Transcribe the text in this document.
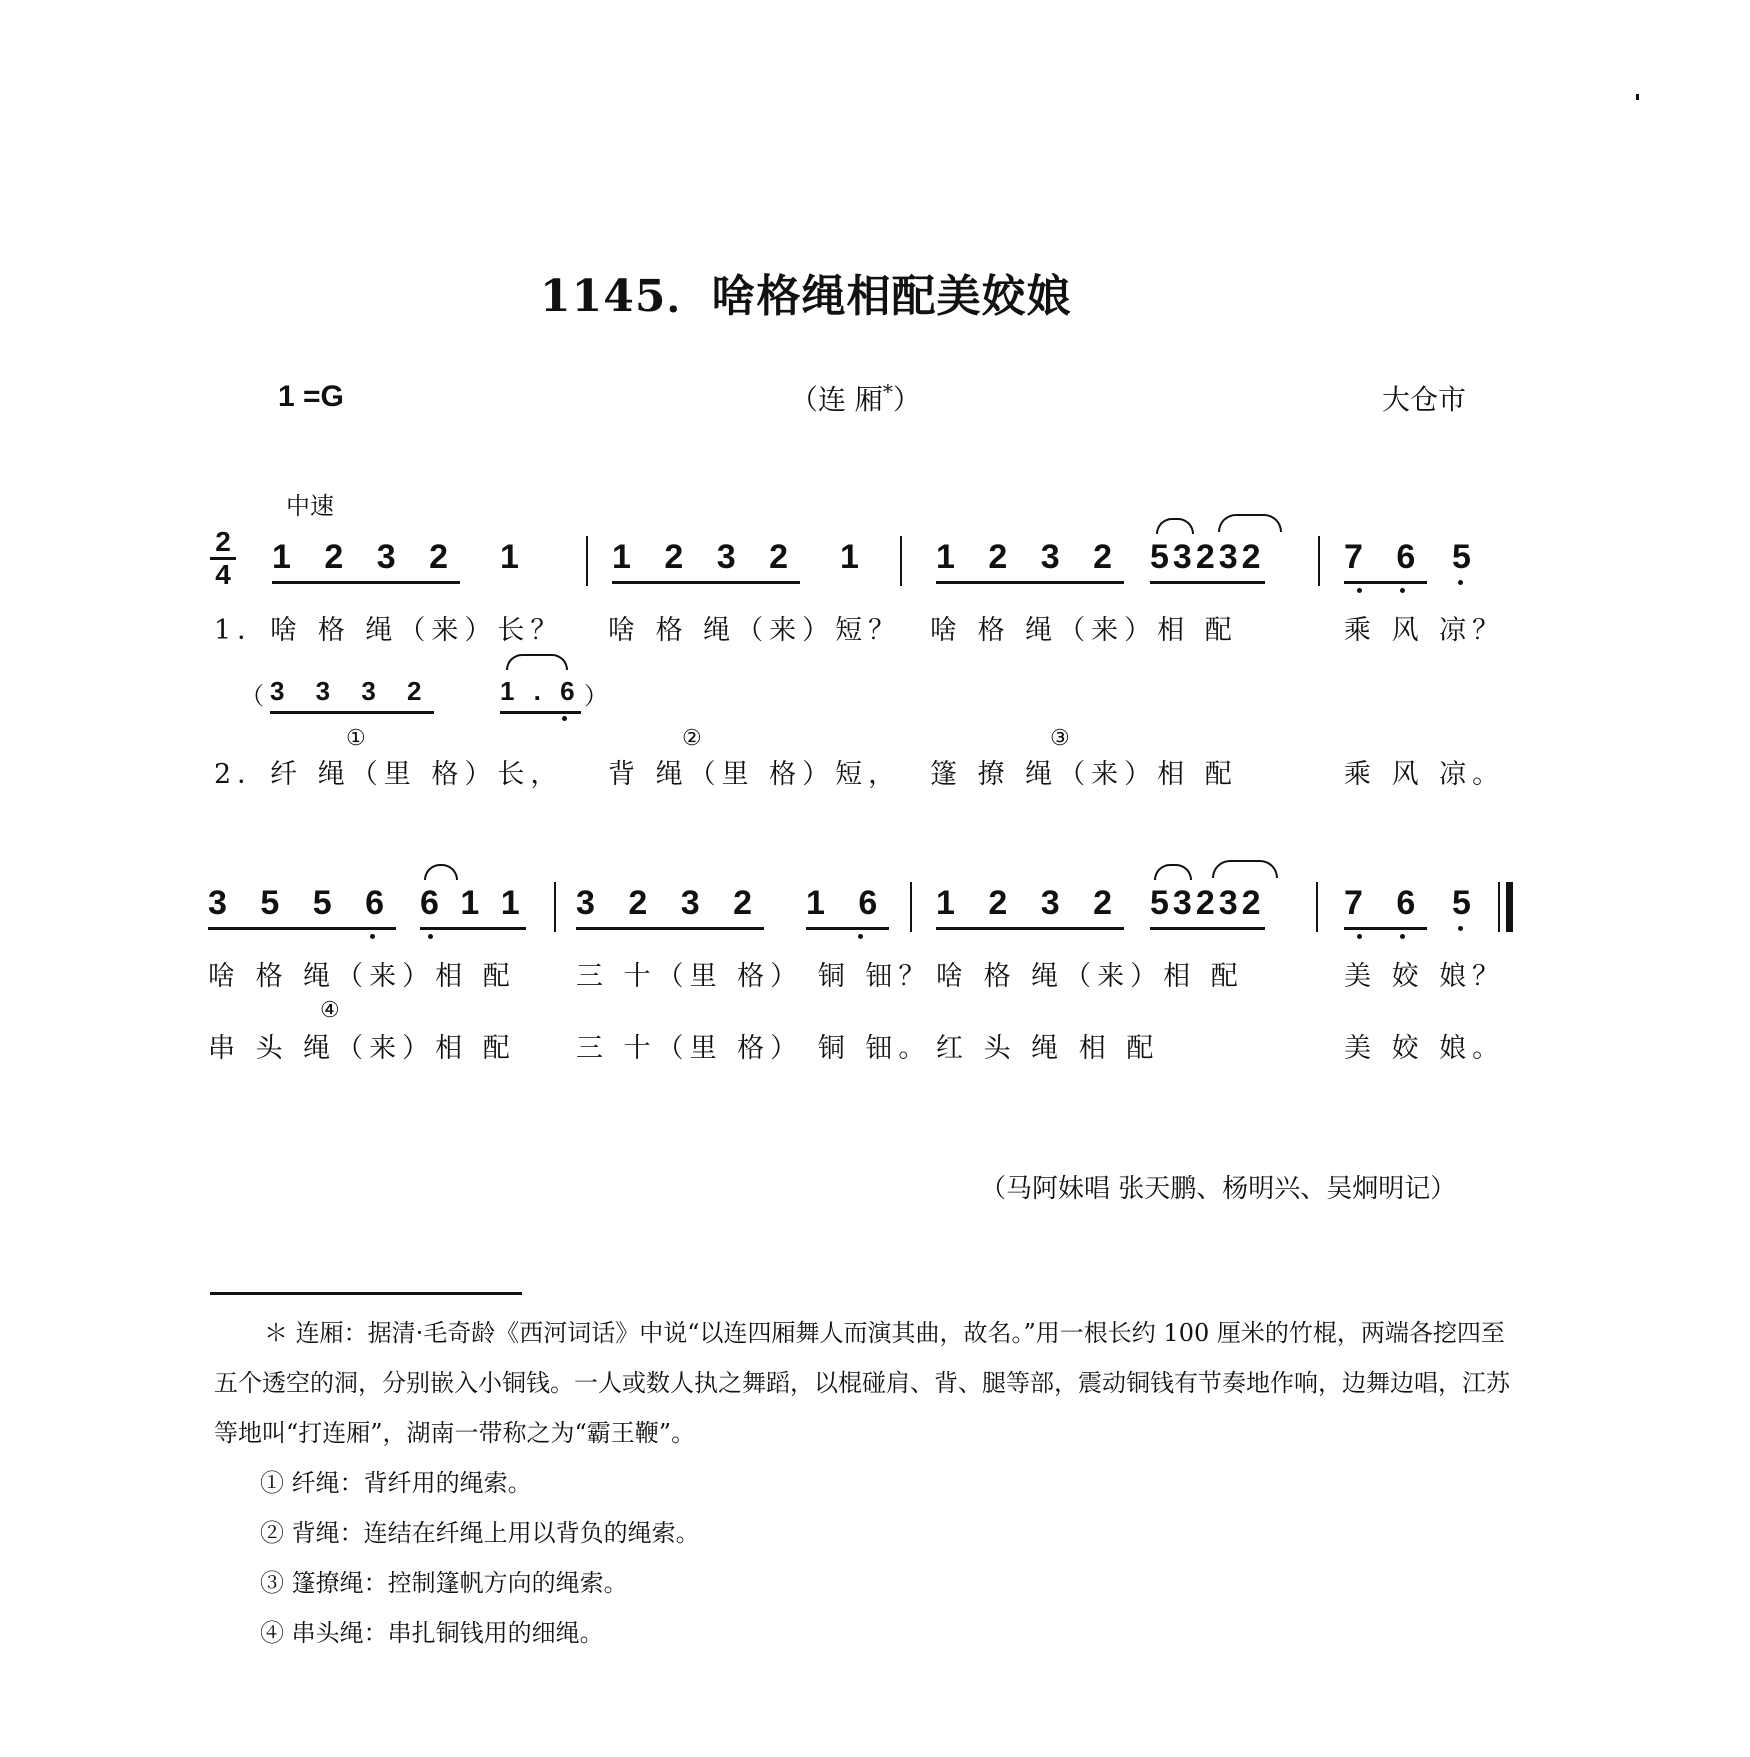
1145．啥格绳相配美姣娘
1 =G	（连 厢*）	大仓市
中速
2
4 1 2 3 2 1 1 2 3 2 1 1 2 3 2 53232 7 6 5
1．啥 格 绳（来）长？ 啥 格 绳（来）短？ 啥 格 绳（来）相 配	乘 风 凉？
（
3 3 3 2	1 . 6 ）
①	②	③
2．纤 绳（里 格）长， 背 绳（里 格）短， 篷 撩 绳（来）相 配	乘 风 凉。
3 5 5 6 6 1 1 3 2 3 2 1 6 1 2 3 2 53232 7 6 5
啥 格 绳（来）相 配 三 十（里 格） 铜 钿？ 啥 格 绳（来）相 配	美 姣 娘？
④
串 头 绳（来）相 配 三 十（里 格） 铜 钿。 红 头 绳 相 配	美 姣 娘。
（马阿妹唱 张天鹏、杨明兴、吴炯明记）

＊ 连厢：据清·毛奇龄《西河词话》中说“以连四厢舞人而演其曲，故名。”用一根长约 100 厘米的竹棍，两端各挖四至五个透空的洞，分别嵌入小铜钱。一人或数人执之舞蹈，以棍碰肩、背、腿等部，震动铜钱有节奏地作响，边舞边唱，江苏等地叫“打连厢”，湖南一带称之为“霸王鞭”。

① 纤绳：背纤用的绳索。

② 背绳：连结在纤绳上用以背负的绳索。

③ 篷撩绳：控制篷帆方向的绳索。

④ 串头绳：串扎铜钱用的细绳。
